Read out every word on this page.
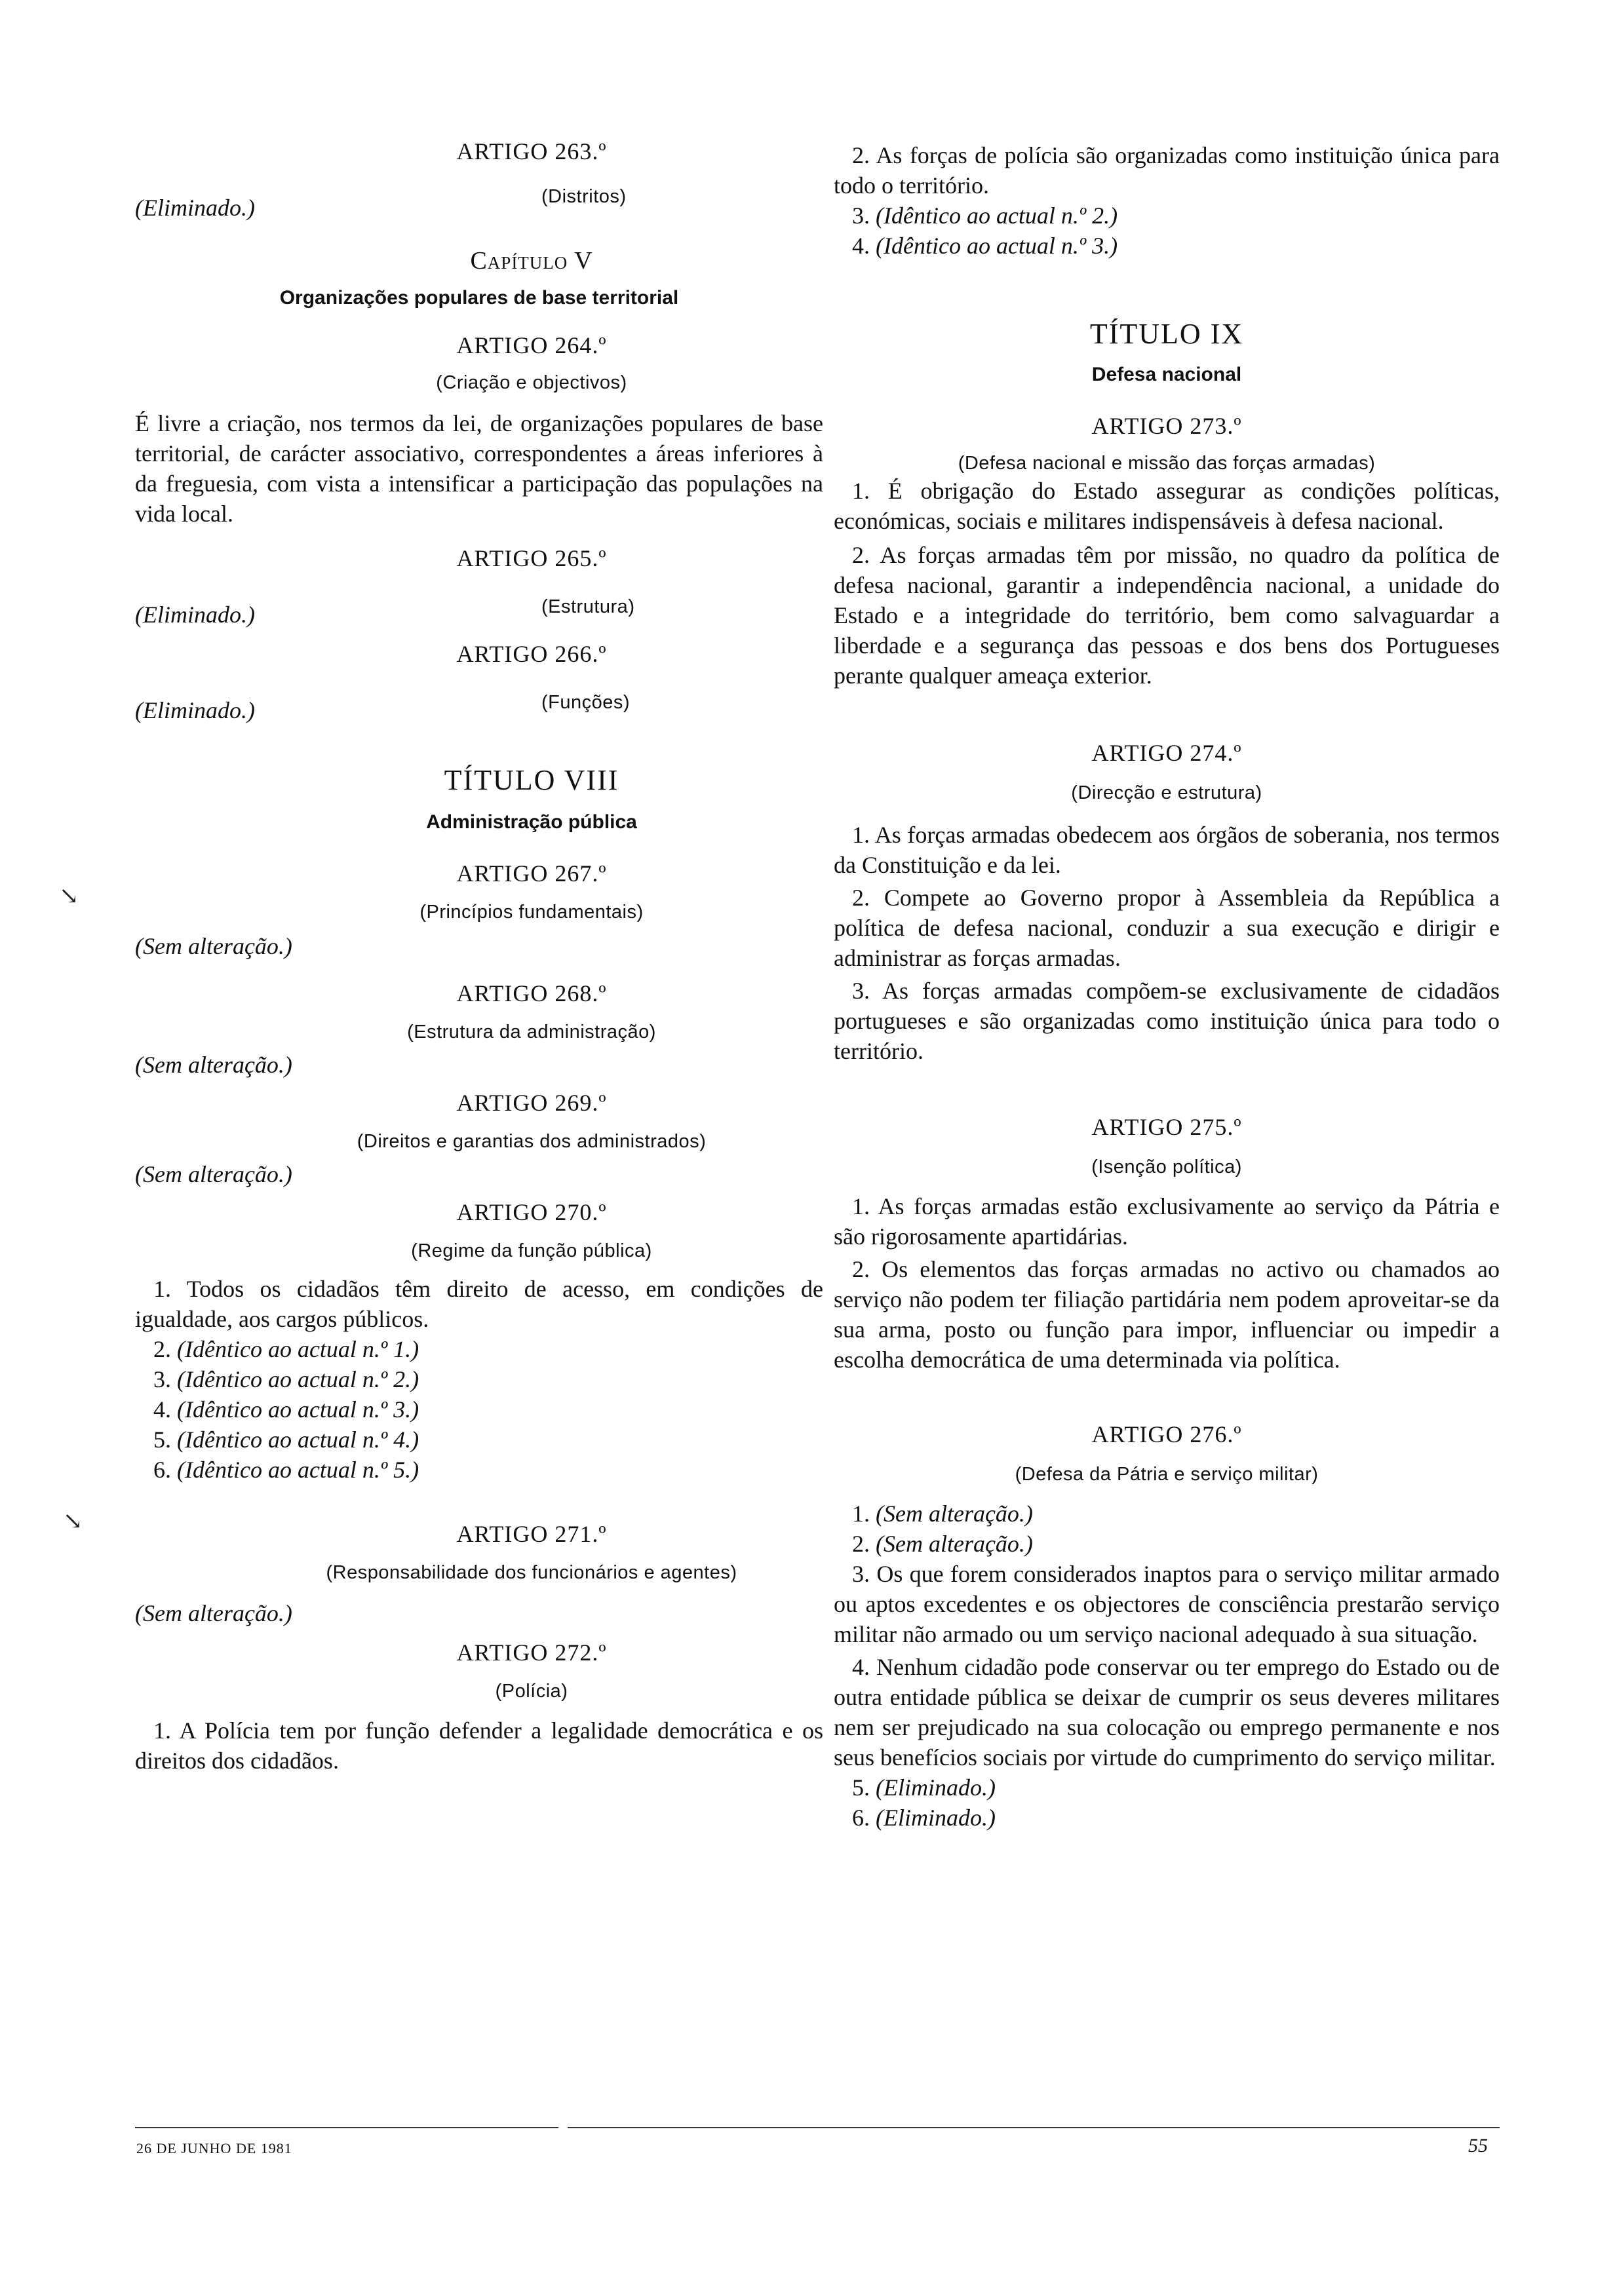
ARTIGO 263.º
(Eliminado.)	(Distritos)
Capítulo V
Organizações populares de base territorial
ARTIGO 264.º
(Criação e objectivos)

É livre a criação, nos termos da lei, de organizações populares de base territorial, de carácter associativo, correspondentes a áreas inferiores à da freguesia, com vista a intensificar a participação das populações na vida local.

ARTIGO 265.º
(Eliminado.)	(Estrutura)
ARTIGO 266.º
(Eliminado.)	(Funções)
TÍTULO VIII
Administração pública
ARTIGO 267.º
(Princípios fundamentais)
(Sem alteração.)
ARTIGO 268.º
(Estrutura da administração)
(Sem alteração.)
ARTIGO 269.º
(Direitos e garantias dos administrados)
(Sem alteração.)
ARTIGO 270.º
(Regime da função pública)

1. Todos os cidadãos têm direito de acesso, em condições de igualdade, aos cargos públicos.

2. (Idêntico ao actual n.º 1.)
3. (Idêntico ao actual n.º 2.)
4. (Idêntico ao actual n.º 3.)
5. (Idêntico ao actual n.º 4.)
6. (Idêntico ao actual n.º 5.)
ARTIGO 271.º
(Responsabilidade dos funcionários e agentes)
(Sem alteração.)
ARTIGO 272.º
(Polícia)

1. A Polícia tem por função defender a legalidade democrática e os direitos dos cidadãos.

2. As forças de polícia são organizadas como instituição única para todo o território.

3. (Idêntico ao actual n.º 2.)
4. (Idêntico ao actual n.º 3.)
TÍTULO IX
Defesa nacional
ARTIGO 273.º
(Defesa nacional e missão das forças armadas)

1. É obrigação do Estado assegurar as condições políticas, económicas, sociais e militares indispensáveis à defesa nacional.

2. As forças armadas têm por missão, no quadro da política de defesa nacional, garantir a independência nacional, a unidade do Estado e a integridade do território, bem como salvaguardar a liberdade e a segurança das pessoas e dos bens dos Portugueses perante qualquer ameaça exterior.

ARTIGO 274.º
(Direcção e estrutura)

1. As forças armadas obedecem aos órgãos de soberania, nos termos da Constituição e da lei.

2. Compete ao Governo propor à Assembleia da República a política de defesa nacional, conduzir a sua execução e dirigir e administrar as forças armadas.

3. As forças armadas compõem-se exclusivamente de cidadãos portugueses e são organizadas como instituição única para todo o território.

ARTIGO 275.º
(Isenção política)

1. As forças armadas estão exclusivamente ao serviço da Pátria e são rigorosamente apartidárias.

2. Os elementos das forças armadas no activo ou chamados ao serviço não podem ter filiação partidária nem podem aproveitar-se da sua arma, posto ou função para impor, influenciar ou impedir a escolha democrática de uma determinada via política.

ARTIGO 276.º
(Defesa da Pátria e serviço militar)
1. (Sem alteração.)
2. (Sem alteração.)

3. Os que forem considerados inaptos para o serviço militar armado ou aptos excedentes e os objectores de consciência prestarão serviço militar não armado ou um serviço nacional adequado à sua situação.

4. Nenhum cidadão pode conservar ou ter emprego do Estado ou de outra entidade pública se deixar de cumprir os seus deveres militares nem ser prejudicado na sua colocação ou emprego permanente e nos seus benefícios sociais por virtude do cumprimento do serviço militar.

5. (Eliminado.)
6. (Eliminado.)
↘
↘
26 DE JUNHO DE 1981	55
